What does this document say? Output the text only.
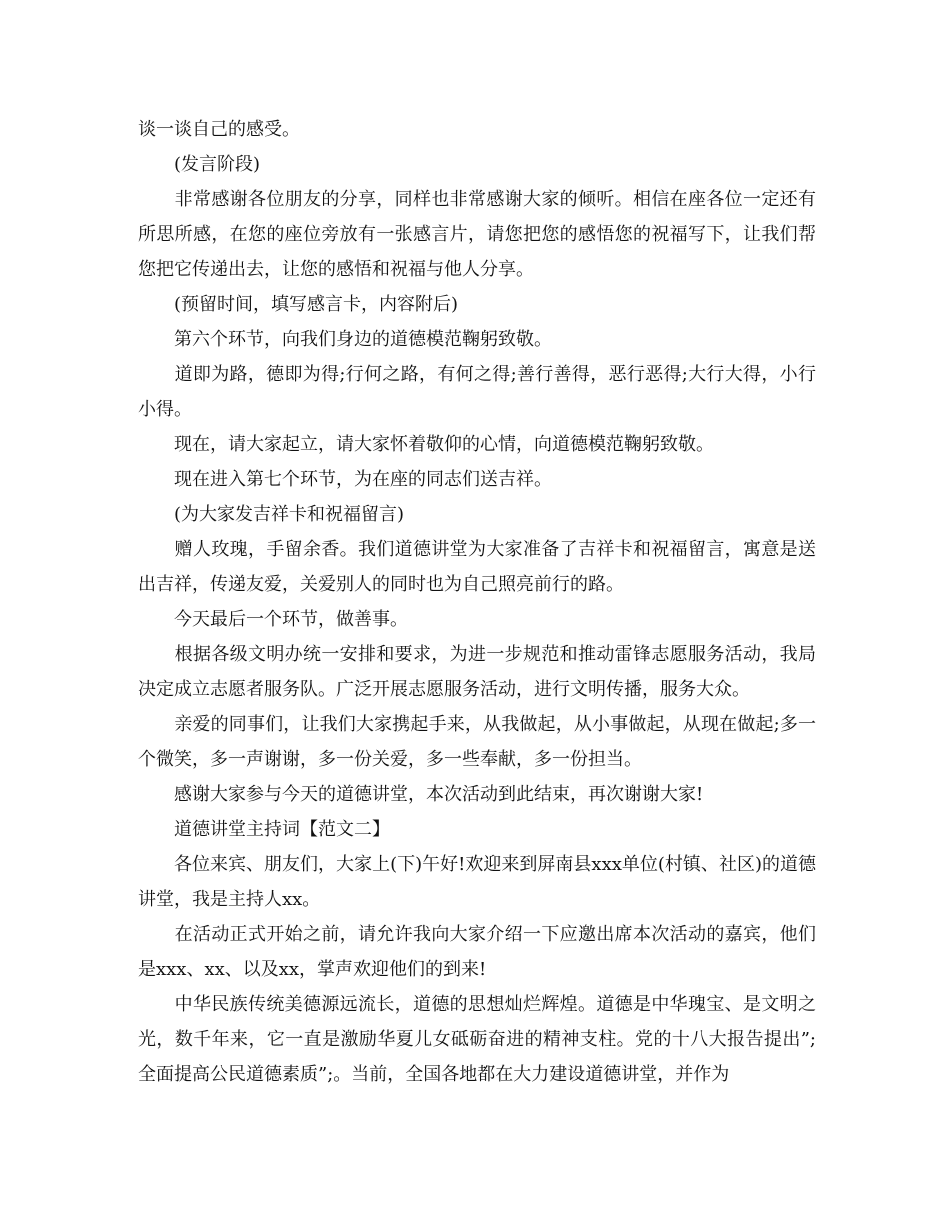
谈一谈自己的感受。

　　(发言阶段)

　　非常感谢各位朋友的分享，同样也非常感谢大家的倾听。相信在座各位一定还有所思所感，在您的座位旁放有一张感言片，请您把您的感悟您的祝福写下，让我们帮您把它传递出去，让您的感悟和祝福与他人分享。

　　(预留时间，填写感言卡，内容附后)

　　第六个环节，向我们身边的道德模范鞠躬致敬。

　　道即为路，德即为得;行何之路，有何之得;善行善得，恶行恶得;大行大得，小行小得。

　　现在，请大家起立，请大家怀着敬仰的心情，向道德模范鞠躬致敬。

　　现在进入第七个环节，为在座的同志们送吉祥。

　　(为大家发吉祥卡和祝福留言)

　　赠人玫瑰，手留余香。我们道德讲堂为大家准备了吉祥卡和祝福留言，寓意是送出吉祥，传递友爱，关爱别人的同时也为自己照亮前行的路。

　　今天最后一个环节，做善事。

　　根据各级文明办统一安排和要求，为进一步规范和推动雷锋志愿服务活动，我局决定成立志愿者服务队。广泛开展志愿服务活动，进行文明传播，服务大众。

　　亲爱的同事们，让我们大家携起手来，从我做起，从小事做起，从现在做起;多一个微笑，多一声谢谢，多一份关爱，多一些奉献，多一份担当。

　　感谢大家参与今天的道德讲堂，本次活动到此结束，再次谢谢大家!

　　道德讲堂主持词【范文二】

　　各位来宾、朋友们，大家上(下)午好!欢迎来到屏南县xxx单位(村镇、社区)的道德讲堂，我是主持人xx。

　　在活动正式开始之前，请允许我向大家介绍一下应邀出席本次活动的嘉宾，他们是xxx、xx、以及xx，掌声欢迎他们的到来!

　　中华民族传统美德源远流长，道德的思想灿烂辉煌。道德是中华瑰宝、是文明之光，数千年来，它一直是激励华夏儿女砥砺奋进的精神支柱。党的十八大报告提出”;全面提高公民道德素质”;。当前，全国各地都在大力建设道德讲堂，并作为
